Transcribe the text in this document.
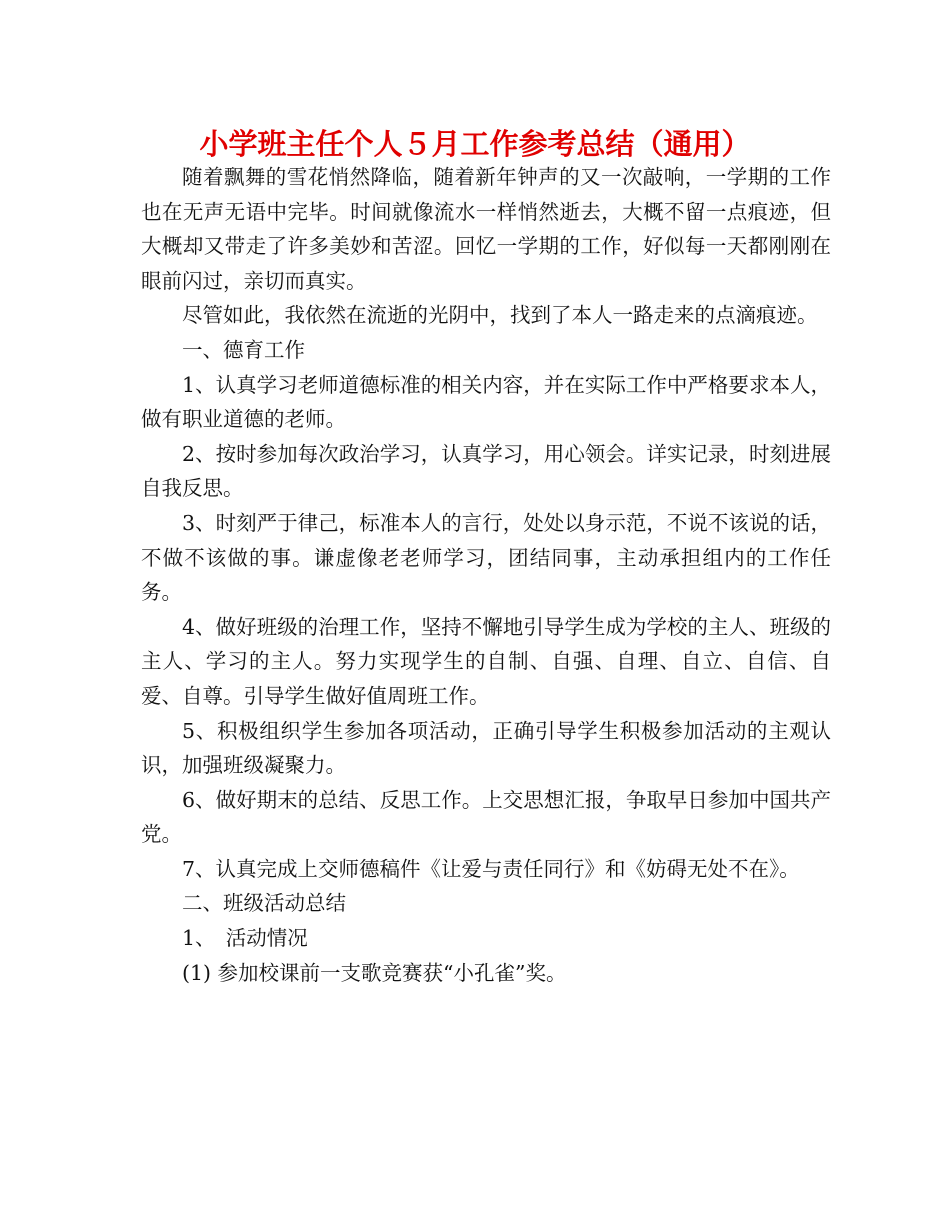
小学班主任个人５月工作参考总结（通用）

随着飘舞的雪花悄然降临，随着新年钟声的又一次敲响，一学期的工作也在无声无语中完毕。时间就像流水一样悄然逝去，大概不留一点痕迹，但大概却又带走了许多美妙和苦涩。回忆一学期的工作，好似每一天都刚刚在眼前闪过，亲切而真实。

尽管如此，我依然在流逝的光阴中，找到了本人一路走来的点滴痕迹。

一、德育工作

1、认真学习老师道德标准的相关内容，并在实际工作中严格要求本人，做有职业道德的老师。

2、按时参加每次政治学习，认真学习，用心领会。详实记录，时刻进展自我反思。

3、时刻严于律己，标准本人的言行，处处以身示范，不说不该说的话，不做不该做的事。谦虚像老老师学习，团结同事，主动承担组内的工作任务。

4、做好班级的治理工作，坚持不懈地引导学生成为学校的主人、班级的主人、学习的主人。努力实现学生的自制、自强、自理、自立、自信、自爱、自尊。引导学生做好值周班工作。

5、积极组织学生参加各项活动，正确引导学生积极参加活动的主观认识，加强班级凝聚力。

6、做好期末的总结、反思工作。上交思想汇报，争取早日参加中国共产党。

7、认真完成上交师德稿件《让爱与责任同行》和《妨碍无处不在》。

二、班级活动总结

1、　活动情况

(1) 参加校课前一支歌竞赛获“小孔雀”奖。
